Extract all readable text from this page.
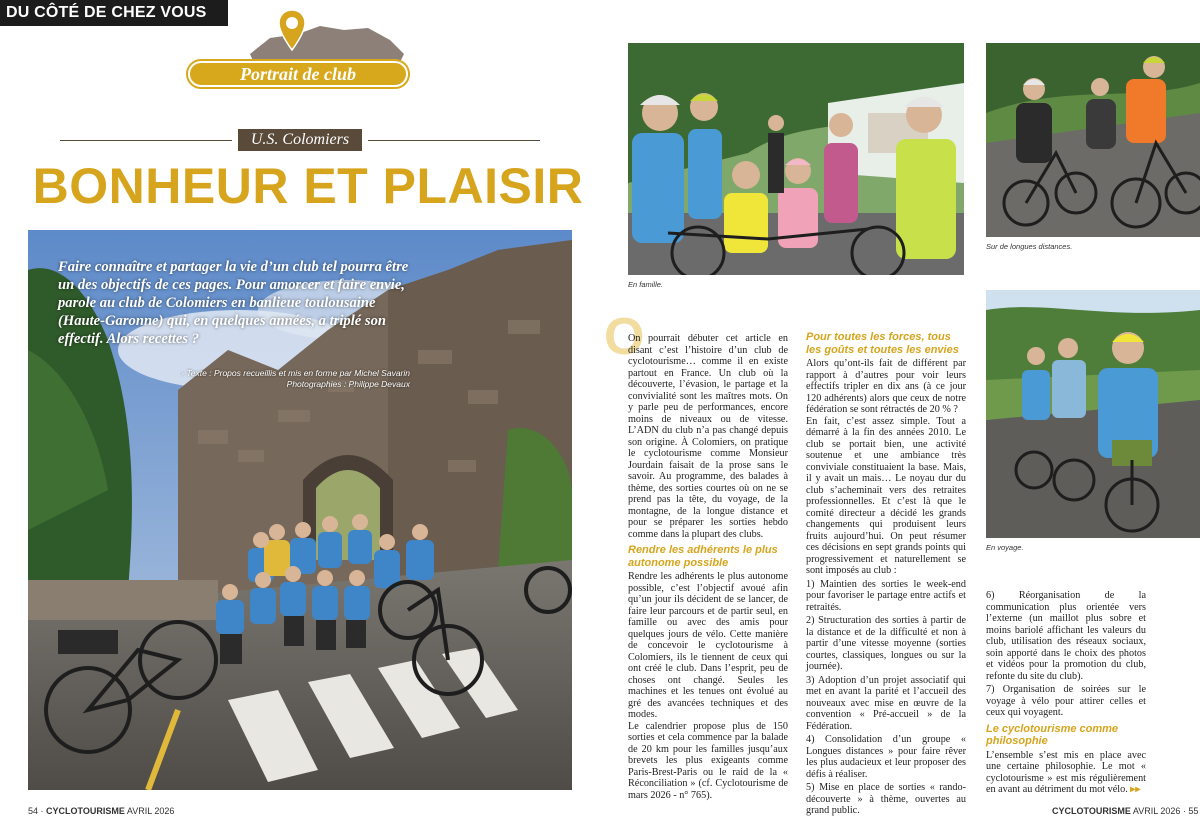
DU CÔTÉ DE CHEZ VOUS
Portrait de club
U.S. Colomiers
BONHEUR ET PLAISIR
Faire connaître et partager la vie d’un club tel pourra être un des objectifs de ces pages. Pour amorcer et faire envie, parole au club de Colomiers en banlieue toulousaine (Haute-Garonne) qui, en quelques années, a triplé son effectif. Alors recettes ?
› Texte : Propos recueillis et mis en forme par Michel Savarin
Photographies : Philippe Devaux
54 · CYCLOTOURISME AVRIL 2026
En famille.
Sur de longues distances.
En voyage.
O

On pourrait débuter cet article en disant c’est l’histoire d’un club de cyclotourisme… comme il en existe partout en France. Un club où la découverte, l’évasion, le partage et la convivialité sont les maîtres mots. On y parle peu de performances, encore moins de niveaux ou de vitesse. L’ADN du club n’a pas changé depuis son origine. À Colomiers, on pratique le cyclotourisme comme Monsieur Jourdain faisait de la prose sans le savoir. Au programme, des balades à thème, des sorties courtes où on ne se prend pas la tête, du voyage, de la montagne, de la longue distance et pour se préparer les sorties hebdo comme dans la plupart des clubs.

Rendre les adhérents le plus autonome possible

Rendre les adhérents le plus autonome possible, c’est l’objectif avoué afin qu’un jour ils décident de se lancer, de faire leur parcours et de partir seul, en famille ou avec des amis pour quelques jours de vélo. Cette manière de concevoir le cyclotourisme à Colomiers, ils le tiennent de ceux qui ont créé le club. Dans l’esprit, peu de choses ont changé. Seules les machines et les tenues ont évolué au gré des avancées techniques et des modes.

Le calendrier propose plus de 150 sorties et cela commence par la balade de 20 km pour les familles jusqu’aux brevets les plus exigeants comme Paris-Brest-Paris ou le raid de la « Réconciliation » (cf. Cyclotourisme de mars 2026 - n° 765).

Pour toutes les forces, tous les goûts et toutes les envies

Alors qu’ont-ils fait de différent par rapport à d’autres pour voir leurs effectifs tripler en dix ans (à ce jour 120 adhérents) alors que ceux de notre fédération se sont rétractés de 20 % ?

En fait, c’est assez simple. Tout a démarré à la fin des années 2010. Le club se portait bien, une activité soutenue et une ambiance très conviviale constituaient la base. Mais, il y avait un mais… Le noyau dur du club s’acheminait vers des retraites professionnelles. Et c’est là que le comité directeur a décidé les grands changements qui produisent leurs fruits aujourd’hui. On peut résumer ces décisions en sept grands points qui progressivement et naturellement se sont imposés au club :

1) Maintien des sorties le week-end pour favoriser le partage entre actifs et retraités.

2) Structuration des sorties à partir de la distance et de la difficulté et non à partir d’une vitesse moyenne (sorties courtes, classiques, longues ou sur la journée).

3) Adoption d’un projet associatif qui met en avant la parité et l’accueil des nouveaux avec mise en œuvre de la convention « Pré-accueil » de la Fédération.

4) Consolidation d’un groupe « Longues distances » pour faire rêver les plus audacieux et leur proposer des défis à réaliser.

5) Mise en place de sorties « rando-découverte » à thème, ouvertes au grand public.

6) Réorganisation de la communication plus orientée vers l’externe (un maillot plus sobre et moins bariolé affichant les valeurs du club, utilisation des réseaux sociaux, soin apporté dans le choix des photos et vidéos pour la promotion du club, refonte du site du club).

7) Organisation de soirées sur le voyage à vélo pour attirer celles et ceux qui voyagent.

Le cyclotourisme comme philosophie

L’ensemble s’est mis en place avec une certaine philosophie. Le mot « cyclotourisme » est mis régulièrement en avant au détriment du mot vélo. ▸▸

CYCLOTOURISME AVRIL 2026 · 55
